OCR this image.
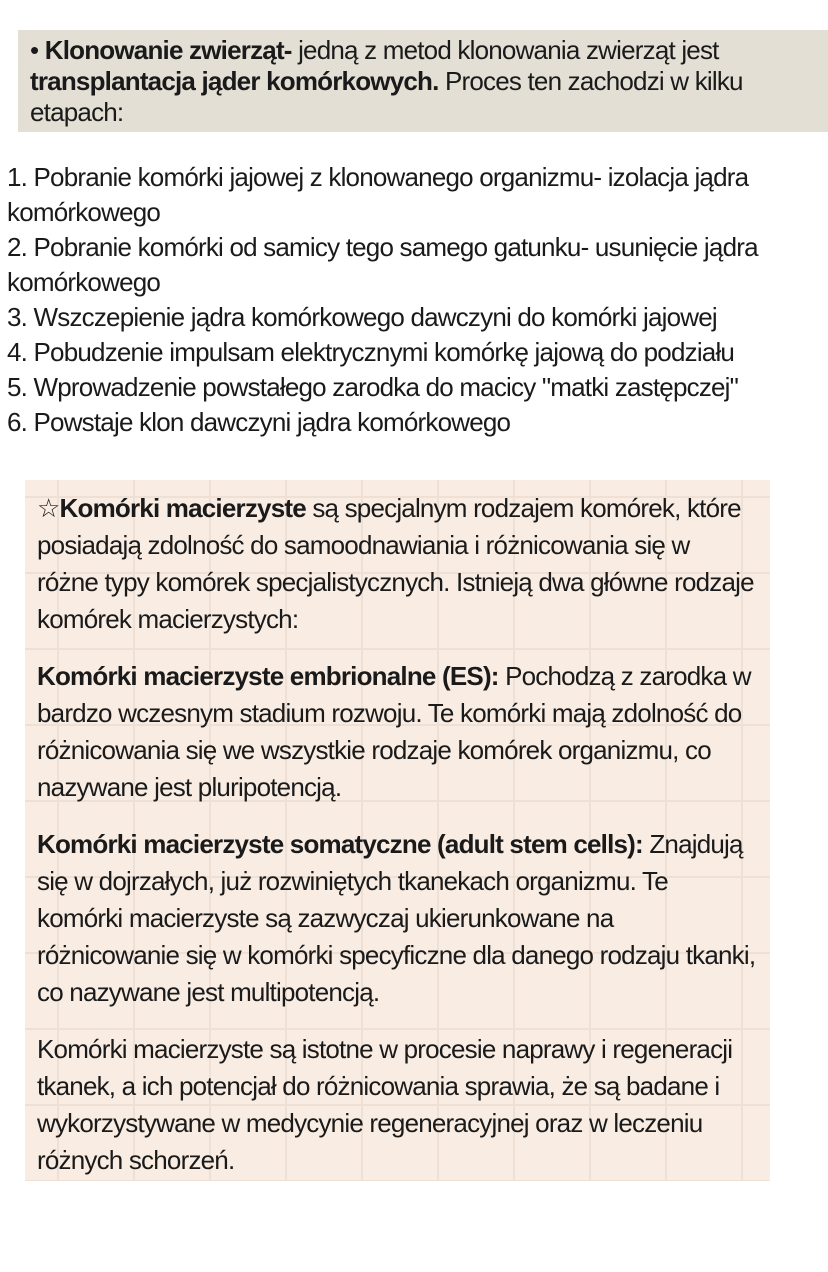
• Klonowanie zwierząt- jedną z metod klonowania zwierząt jest transplantacja jąder komórkowych. Proces ten zachodzi w kilku etapach:
1. Pobranie komórki jajowej z klonowanego organizmu- izolacja jądra komórkowego
2. Pobranie komórki od samicy tego samego gatunku- usunięcie jądra komórkowego
3. Wszczepienie jądra komórkowego dawczyni do komórki jajowej
4. Pobudzenie impulsam elektrycznymi komórkę jajową do podziału
5. Wprowadzenie powstałego zarodka do macicy "matki zastępczej"
6. Powstaje klon dawczyni jądra komórkowego

☆Komórki macierzyste są specjalnym rodzajem komórek, które posiadają zdolność do samoodnawiania i różnicowania się w różne typy komórek specjalistycznych. Istnieją dwa główne rodzaje komórek macierzystych:

Komórki macierzyste embrionalne (ES): Pochodzą z zarodka w bardzo wczesnym stadium rozwoju. Te komórki mają zdolność do różnicowania się we wszystkie rodzaje komórek organizmu, co nazywane jest pluripotencją.

Komórki macierzyste somatyczne (adult stem cells): Znajdują się w dojrzałych, już rozwiniętych tkanekach organizmu. Te komórki macierzyste są zazwyczaj ukierunkowane na różnicowanie się w komórki specyficzne dla danego rodzaju tkanki, co nazywane jest multipotencją.

Komórki macierzyste są istotne w procesie naprawy i regeneracji tkanek, a ich potencjał do różnicowania sprawia, że są badane i wykorzystywane w medycynie regeneracyjnej oraz w leczeniu różnych schorzeń.
